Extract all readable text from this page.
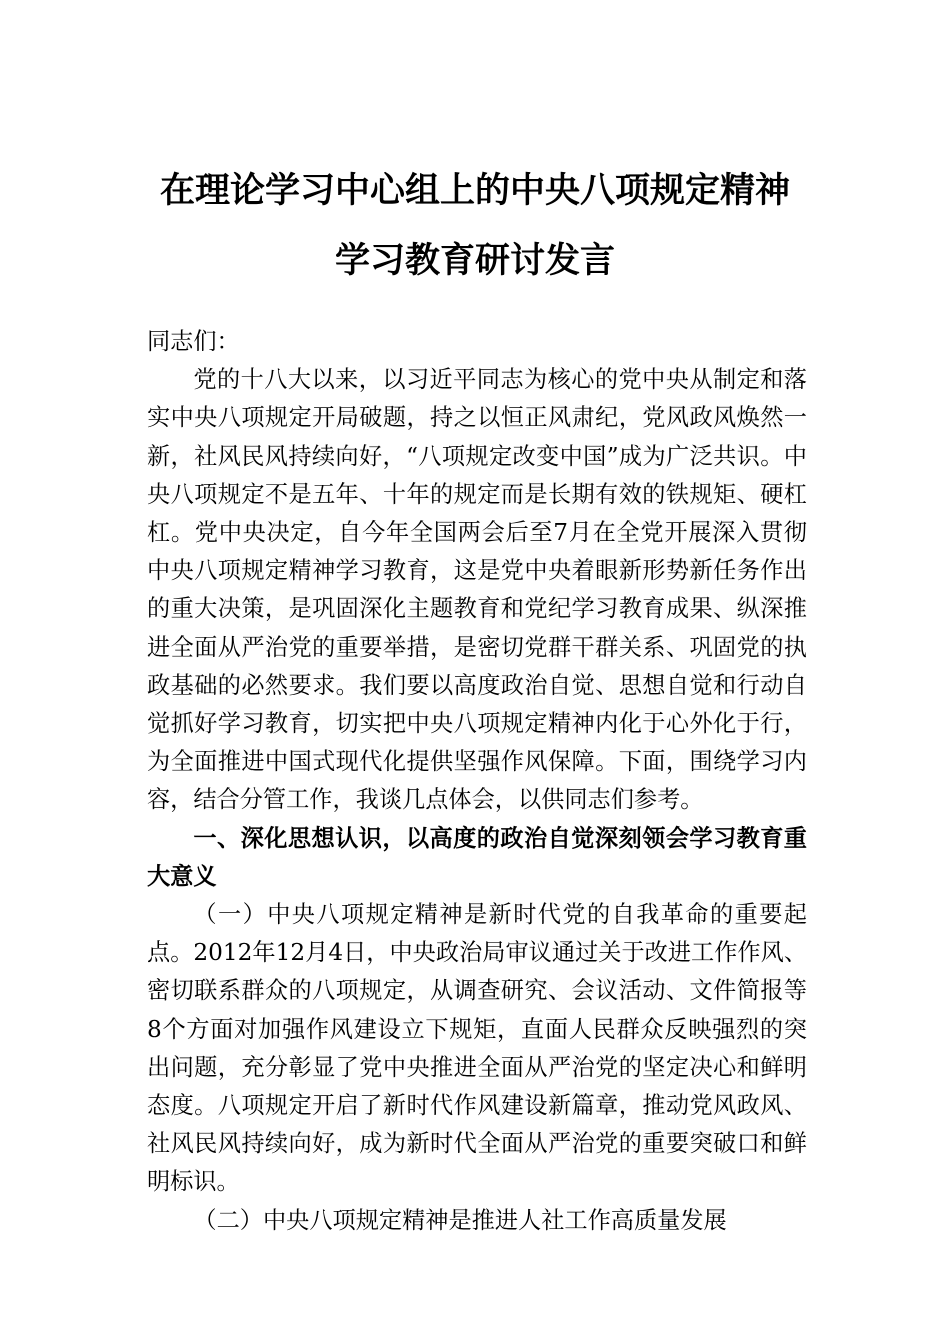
在理论学习中心组上的中央八项规定精神
学习教育研讨发言

同志们：

党的十八大以来，以习近平同志为核心的党中央从制定和落实中央八项规定开局破题，持之以恒正风肃纪，党风政风焕然一新，社风民风持续向好，“八项规定改变中国”成为广泛共识。中央八项规定不是五年、十年的规定而是长期有效的铁规矩、硬杠杠。党中央决定，自今年全国两会后至7月在全党开展深入贯彻中央八项规定精神学习教育，这是党中央着眼新形势新任务作出的重大决策，是巩固深化主题教育和党纪学习教育成果、纵深推进全面从严治党的重要举措，是密切党群干群关系、巩固党的执政基础的必然要求。我们要以高度政治自觉、思想自觉和行动自觉抓好学习教育，切实把中央八项规定精神内化于心外化于行，为全面推进中国式现代化提供坚强作风保障。下面，围绕学习内容，结合分管工作，我谈几点体会，以供同志们参考。

一、深化思想认识，以高度的政治自觉深刻领会学习教育重大意义

（一）中央八项规定精神是新时代党的自我革命的重要起点。2012年12月4日，中央政治局审议通过关于改进工作作风、密切联系群众的八项规定，从调查研究、会议活动、文件简报等8个方面对加强作风建设立下规矩，直面人民群众反映强烈的突出问题，充分彰显了党中央推进全面从严治党的坚定决心和鲜明态度。八项规定开启了新时代作风建设新篇章，推动党风政风、社风民风持续向好，成为新时代全面从严治党的重要突破口和鲜明标识。

（二）中央八项规定精神是推进人社工作高质量发展
